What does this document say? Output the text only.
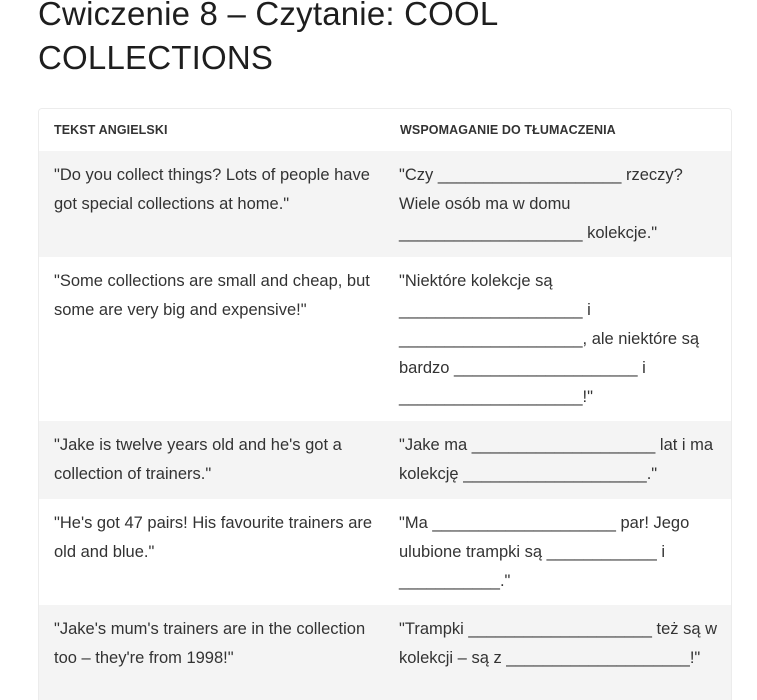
Cwiczenie 8 – Czytanie: COOL COLLECTIONS
TEKST ANGIELSKI	WSPOMAGANIE DO TŁUMACZENIA
"Do you collect things? Lots of people have got special collections at home."	"Czy ____________________ rzeczy? Wiele osób ma w domu ____________________ kolekcje."
"Some collections are small and cheap, but some are very big and expensive!"	"Niektóre kolekcje są ____________________ i ____________________, ale niektóre są bardzo ____________________ i ____________________!"
"Jake is twelve years old and he's got a collection of trainers."	"Jake ma ____________________ lat i ma kolekcję ____________________."
"He's got 47 pairs! His favourite trainers are old and blue."	"Ma ____________________ par! Jego ulubione trampki są ____________ i ___________."
"Jake's mum's trainers are in the collection too – they're from 1998!"	"Trampki ____________________ też są w kolekcji – są z ____________________!"
